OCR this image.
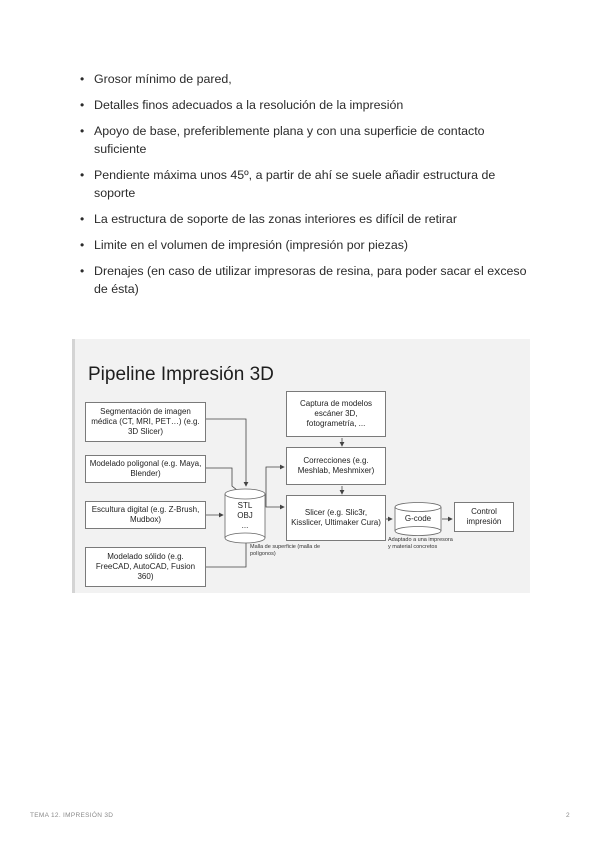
• Grosor mínimo de pared,
• Detalles finos adecuados a la resolución de la impresión
• Apoyo de base, preferiblemente plana y con una superficie de contacto suficiente
• Pendiente máxima unos 45º, a partir de ahí se suele añadir estructura de soporte
• La estructura de soporte de las zonas interiores es difícil de retirar
• Limite en el volumen de impresión (impresión por piezas)
• Drenajes (en caso de utilizar impresoras de resina, para poder sacar el exceso de ésta)
Pipeline Impresión 3D
Segmentación de imagen médica (CT, MRI, PET…) (e.g. 3D Slicer)
Modelado poligonal (e.g. Maya, Blender)
Escultura digital (e.g. Z-Brush, Mudbox)
Modelado sólido (e.g. FreeCAD, AutoCAD, Fusion 360)
STL
OBJ
...
Malla de superficie (malla de polígonos)
Captura de modelos escáner 3D, fotogrametría, ...
Correcciones (e.g. Meshlab, Meshmixer)
Slicer (e.g. Slic3r, Kisslicer, Ultimaker Cura)	G-code
Adaptado a una impresora y material concretos
Control impresión
TEMA 12. IMPRESIÓN 3D	2
